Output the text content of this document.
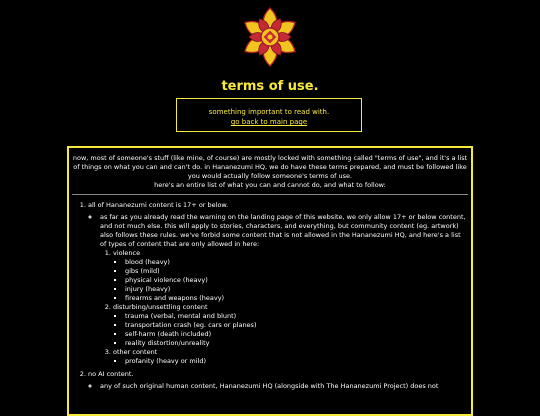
terms of use.
something important to read with.
go back to main page

now, most of someone's stuff (like mine, of course) are mostly locked with something called "terms of use", and it's a list of things on what you can and can't do. in Hananezumi HQ, we do have these terms prepared, and must be followed like you would actually follow someone's terms of use.

here's an entire list of what you can and cannot do, and what to follow:

1. all of Hananezumi content is 17+ or below.
◦ as far as you already read the warning on the landing page of this website, we only allow 17+ or below content, and not much else. this will apply to stories, characters, and everything, but community content (eg. artwork) also follows these rules. we've forbid some content that is not allowed in the Hananezumi HQ, and here's a list of types of content that are only allowed in here:
1. violence
▪ blood (heavy)
▪ gibs (mild)
▪ physical violence (heavy)
▪ injury (heavy)
▪ firearms and weapons (heavy)
2. disturbing/unsettling content
▪ trauma (verbal, mental and blunt)
▪ transportation crash (eg. cars or planes)
▪ self-harm (death included)
▪ reality distortion/unreality
3. other content
▪ profanity (heavy or mild)
2. no AI content.
◦ any of such original human content, Hananezumi HQ (alongside with The Hananezumi Project) does not
